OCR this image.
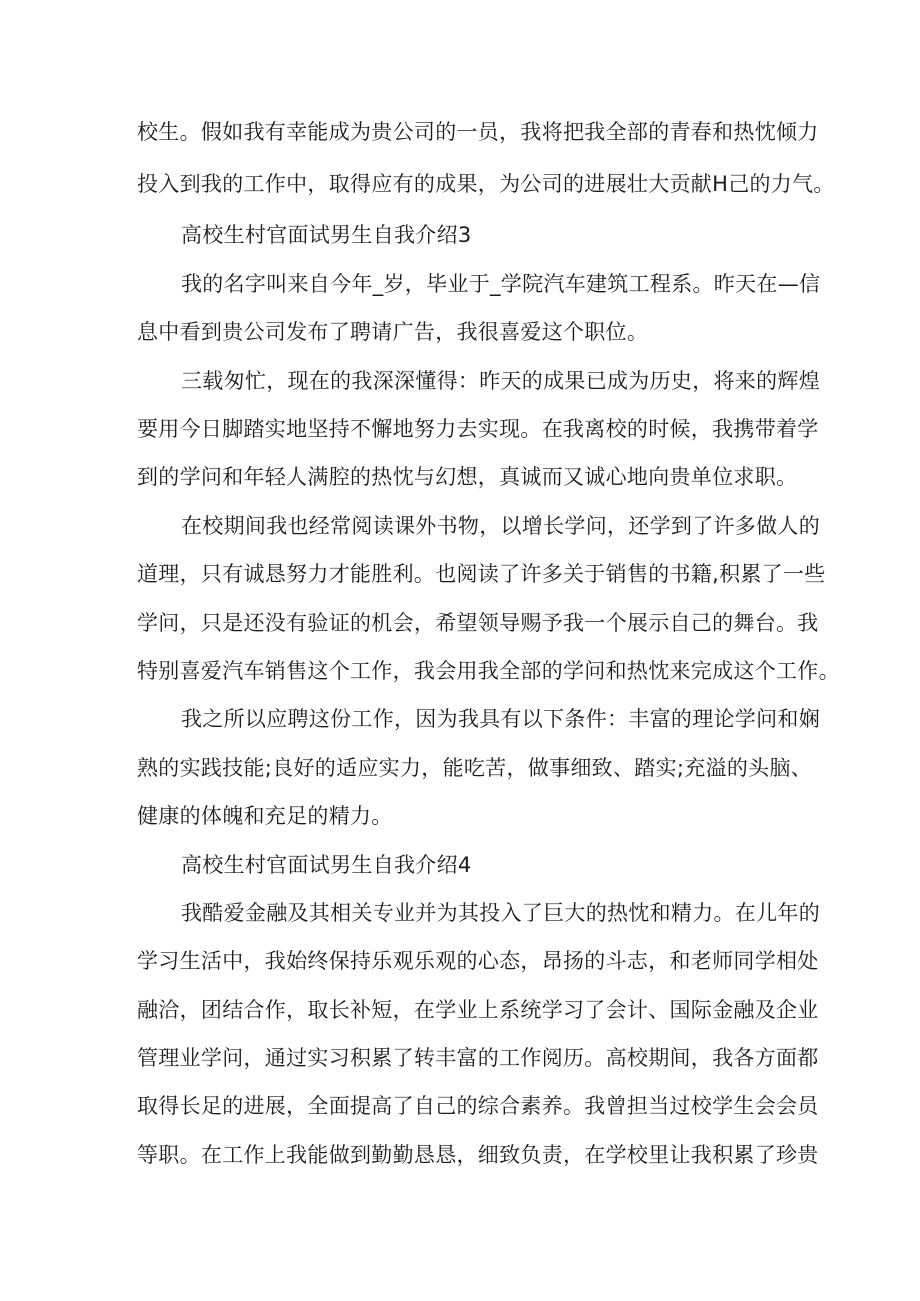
校生。假如我有幸能成为贵公司的一员，我将把我全部的青春和热忱倾力
投入到我的工作中，取得应有的成果，为公司的进展壮大贡献H己的力气。
高校生村官面试男生自我介绍3
我的名字叫来自今年_岁，毕业于_学院汽车建筑工程系。昨天在—信
息中看到贵公司发布了聘请广告，我很喜爱这个职位。
三载匆忙，现在的我深深懂得：昨天的成果已成为历史，将来的辉煌
要用今日脚踏实地坚持不懈地努力去实现。在我离校的时候，我携带着学
到的学问和年轻人满腔的热忱与幻想，真诚而又诚心地向贵单位求职。
在校期间我也经常阅读课外书物，以增长学问，还学到了许多做人的
道理，只有诚恳努力才能胜利。也阅读了许多关于销售的书籍,积累了一些
学问，只是还没有验证的机会，希望领导赐予我一个展示自己的舞台。我
特别喜爱汽车销售这个工作，我会用我全部的学问和热忱来完成这个工作。
我之所以应聘这份工作，因为我具有以下条件：丰富的理论学问和娴
熟的实践技能;良好的适应实力，能吃苦，做事细致、踏实;充溢的头脑、
健康的体魄和充足的精力。
高校生村官面试男生自我介绍4
我酷爱金融及其相关专业并为其投入了巨大的热忱和精力。在儿年的
学习生活中，我始终保持乐观乐观的心态，昂扬的斗志，和老师同学相处
融洽，团结合作，取长补短，在学业上系统学习了会计、国际金融及企业
管理业学问，通过实习积累了转丰富的工作阅历。高校期间，我各方面都
取得长足的进展，全面提高了自己的综合素养。我曾担当过校学生会会员
等职。在工作上我能做到勤勤恳恳，细致负责，在学校里让我积累了珍贵
